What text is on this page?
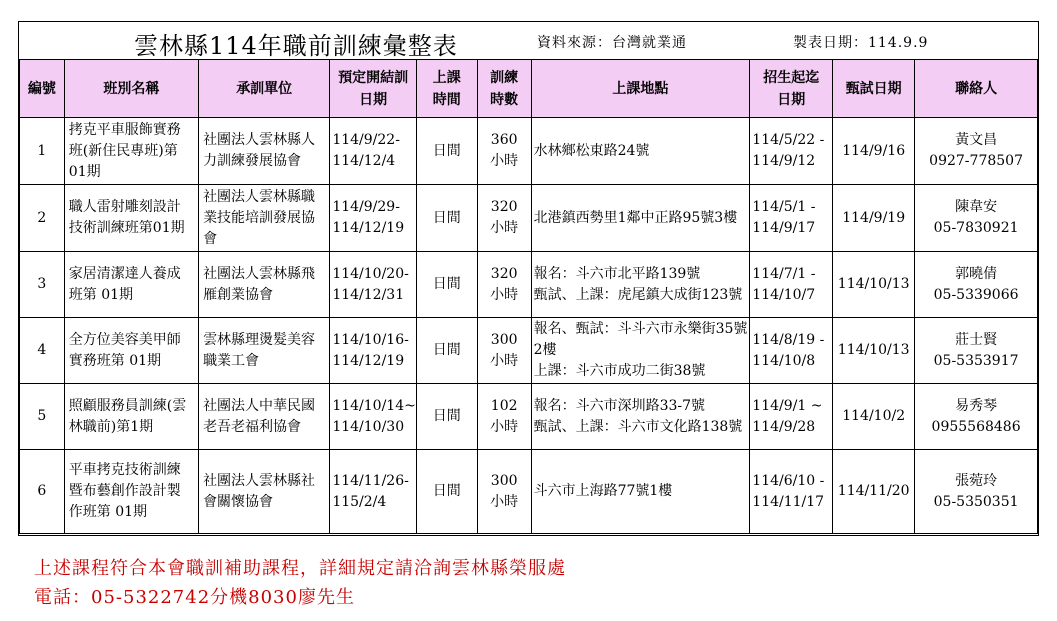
雲林縣114年職前訓練彙整表	資料來源：台灣就業通	製表日期：114.9.9
編號	班別名稱	承訓單位	預定開結訓日期	上課時間	訓練時數	上課地點	招生起迄日期	甄試日期	聯絡人
1	拷克平車服飾實務班(新住民專班)第 01期	社團法人雲林縣人力訓練發展協會	114/9/22-
114/12/4	日間	360
小時	水林鄉松東路24號	114/5/22 -
114/9/12	114/9/16	黃文昌
0927-778507

2	職人雷射雕刻設計技術訓練班第01期	社團法人雲林縣職業技能培訓發展協會	114/9/29-
114/12/19	日間	320
小時	北港鎮西勢里1鄰中正路95號3樓	114/5/1 -
114/9/17	114/9/19	陳韋安
05-7830921

3	家居清潔達人養成班第 01期	社團法人雲林縣飛雁創業協會	114/10/20-
114/12/31	日間	320
小時	報名：斗六市北平路139號
甄試、上課：虎尾鎮大成街123號	114/7/1 -
114/10/7	114/10/13	郭曉倩
05-5339066

4	全方位美容美甲師實務班第 01期	雲林縣理燙髮美容職業工會	114/10/16-
114/12/19	日間	300
小時	報名、甄試：斗斗六市永樂街35號2樓
上課：斗六市成功二街38號	114/8/19 -
114/10/8	114/10/13	莊士賢
05-5353917

5	照顧服務員訓練(雲林職前)第1期	社團法人中華民國老吾老福利協會	114/10/14~
114/10/30	日間	102
小時	報名：斗六市深圳路33-7號
甄試、上課：斗六市文化路138號	114/9/1 ~
114/9/28	114/10/2	易秀琴
0955568486

6	平車拷克技術訓練暨布藝創作設計製作班第 01期	社團法人雲林縣社會關懷協會	114/11/26-
115/2/4	日間	300
小時	斗六市上海路77號1樓	114/6/10 -
114/11/17	114/11/20	張菀玲
05-5350351
上述課程符合本會職訓補助課程，詳細規定請洽詢雲林縣榮服處
電話：05-5322742分機8030廖先生
